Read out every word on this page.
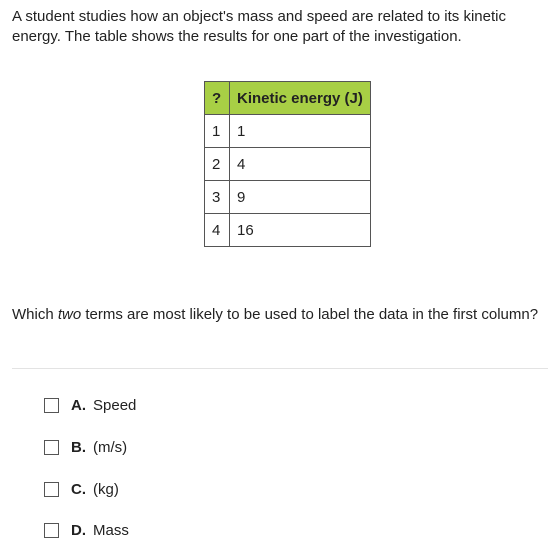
A student studies how an object's mass and speed are related to its kinetic energy. The table shows the results for one part of the investigation.

?	Kinetic energy (J)
1	1
2	4
3	9
4	16

Which two terms are most likely to be used to label the data in the first column?

A. Speed
B. (m/s)
C. (kg)
D. Mass
